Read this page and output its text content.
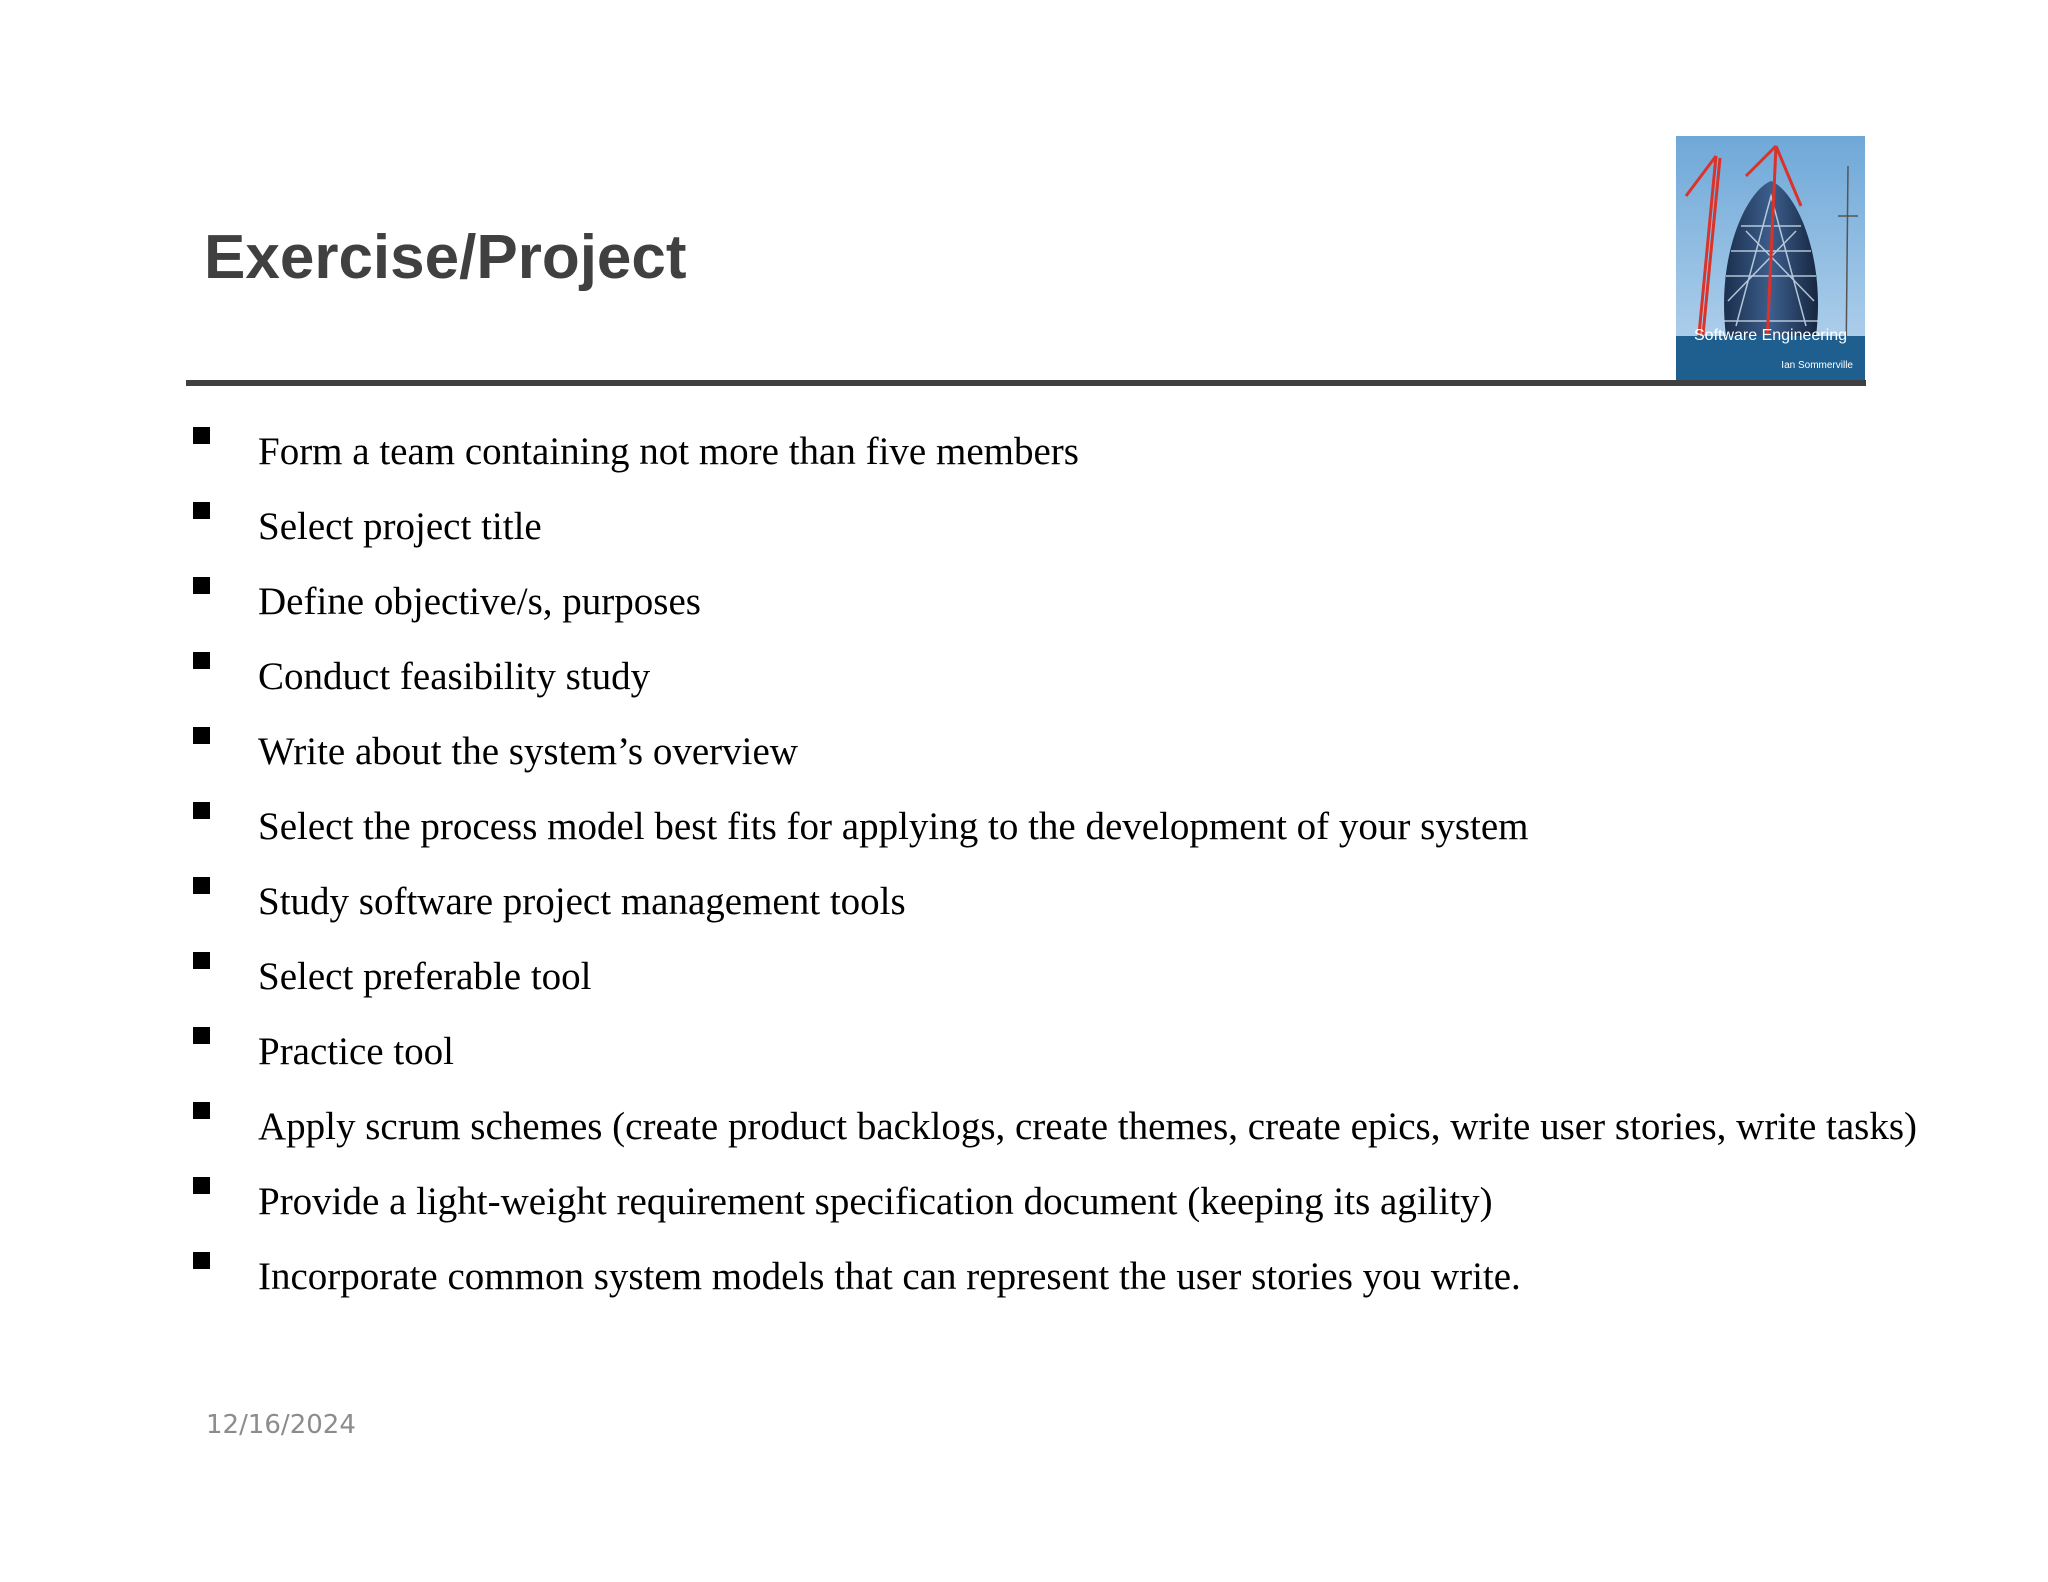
Exercise/Project
Software Engineering
Ian Sommerville
Form a team containing not more than five members
Select project title
Define objective/s, purposes
Conduct feasibility study
Write about the system’s overview
Select the process model best fits for applying to the development of your system
Study software project management tools
Select preferable tool
Practice tool
Apply scrum schemes (create product backlogs, create themes, create epics, write user stories, write tasks)
Provide a light-weight requirement specification document (keeping its agility)
Incorporate common system models that can represent the user stories you write.
12/16/2024
